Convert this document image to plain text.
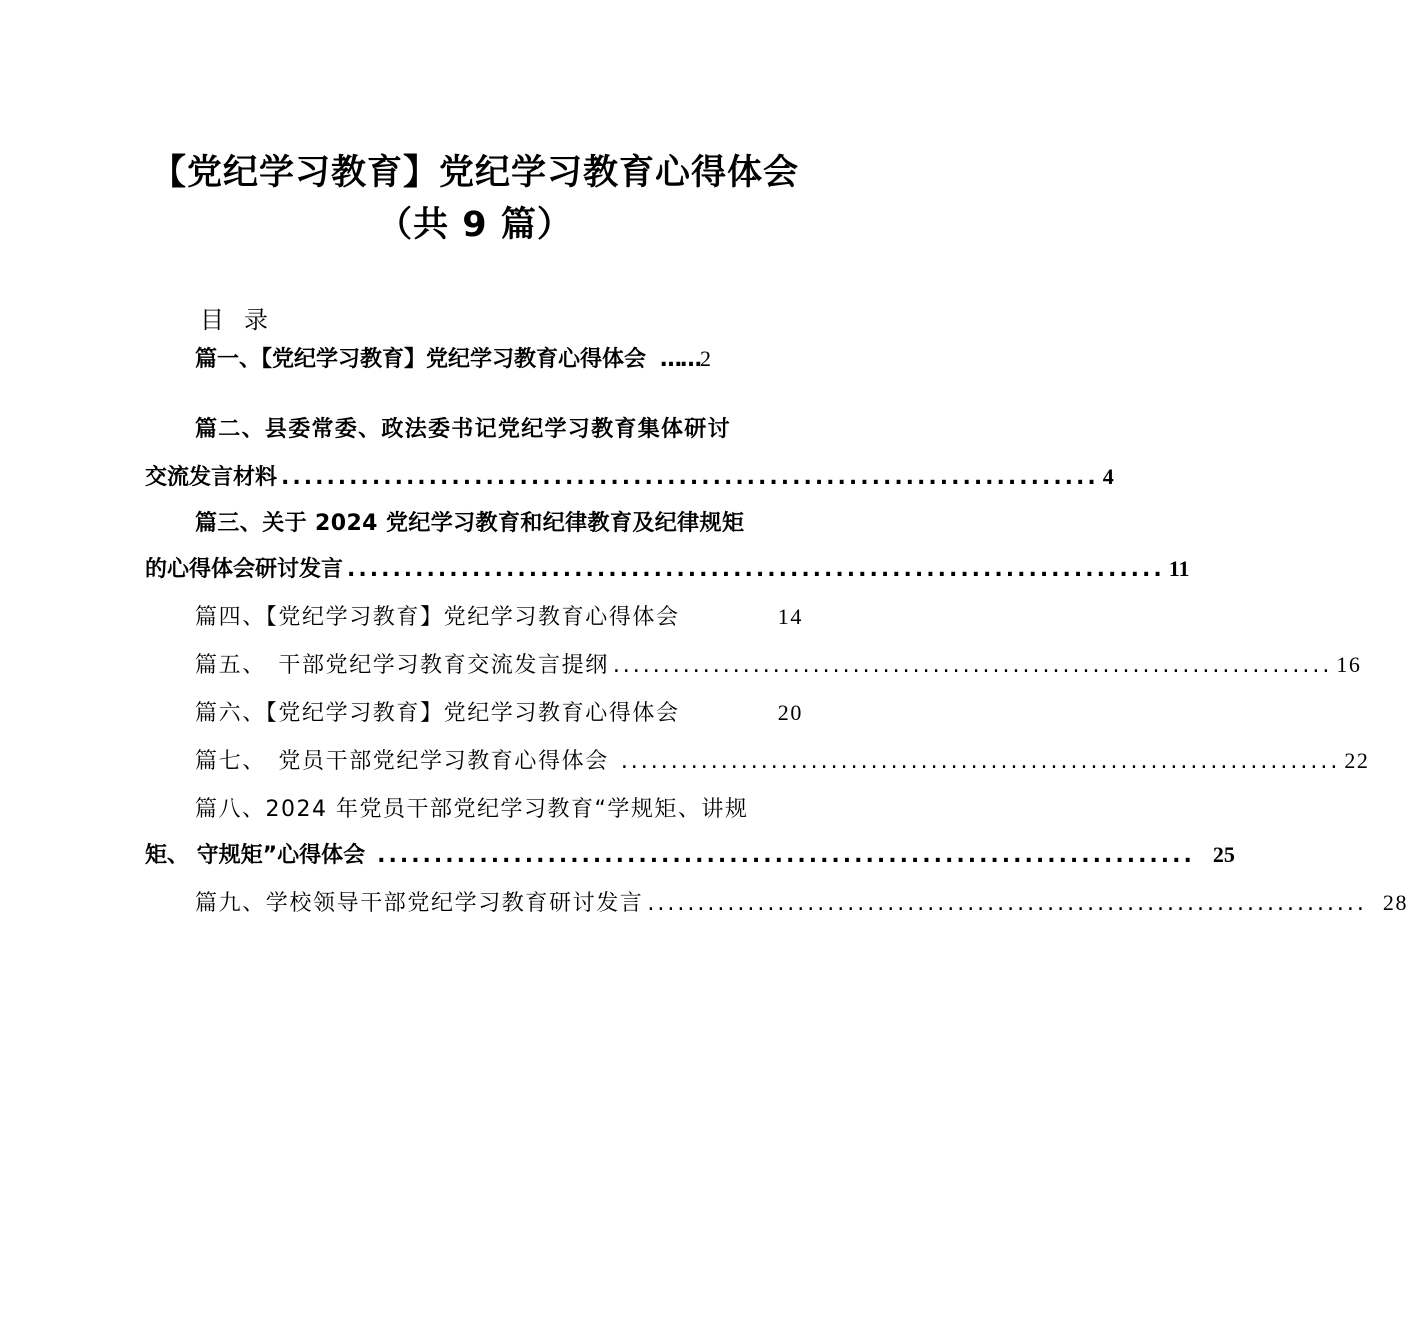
【党纪学习教育】党纪学习教育心得体会
（共 9 篇）
目录
篇一、【党纪学习教育】党纪学习教育心得体会 …… 2
篇二、县委常委、政法委书记党纪学习教育集体研讨
交流发言材料 ........................................................................ 4
篇三、关于 2024 党纪学习教育和纪律教育及纪律规矩
的心得体会研讨发言 ........................................................................ 11
篇四、【党纪学习教育】党纪学习教育心得体会	14
篇五、　干部党纪学习教育交流发言提纲 ........................................................................ 16
篇六、【党纪学习教育】党纪学习教育心得体会	20
篇七、　党员干部党纪学习教育心得体会 ........................................................................ 22
篇八、2024 年党员干部党纪学习教育“学规矩、讲规
矩、 守规矩”心得体会 ........................................................................ 25
篇九、学校领导干部党纪学习教育研讨发言 ........................................................................ 28
